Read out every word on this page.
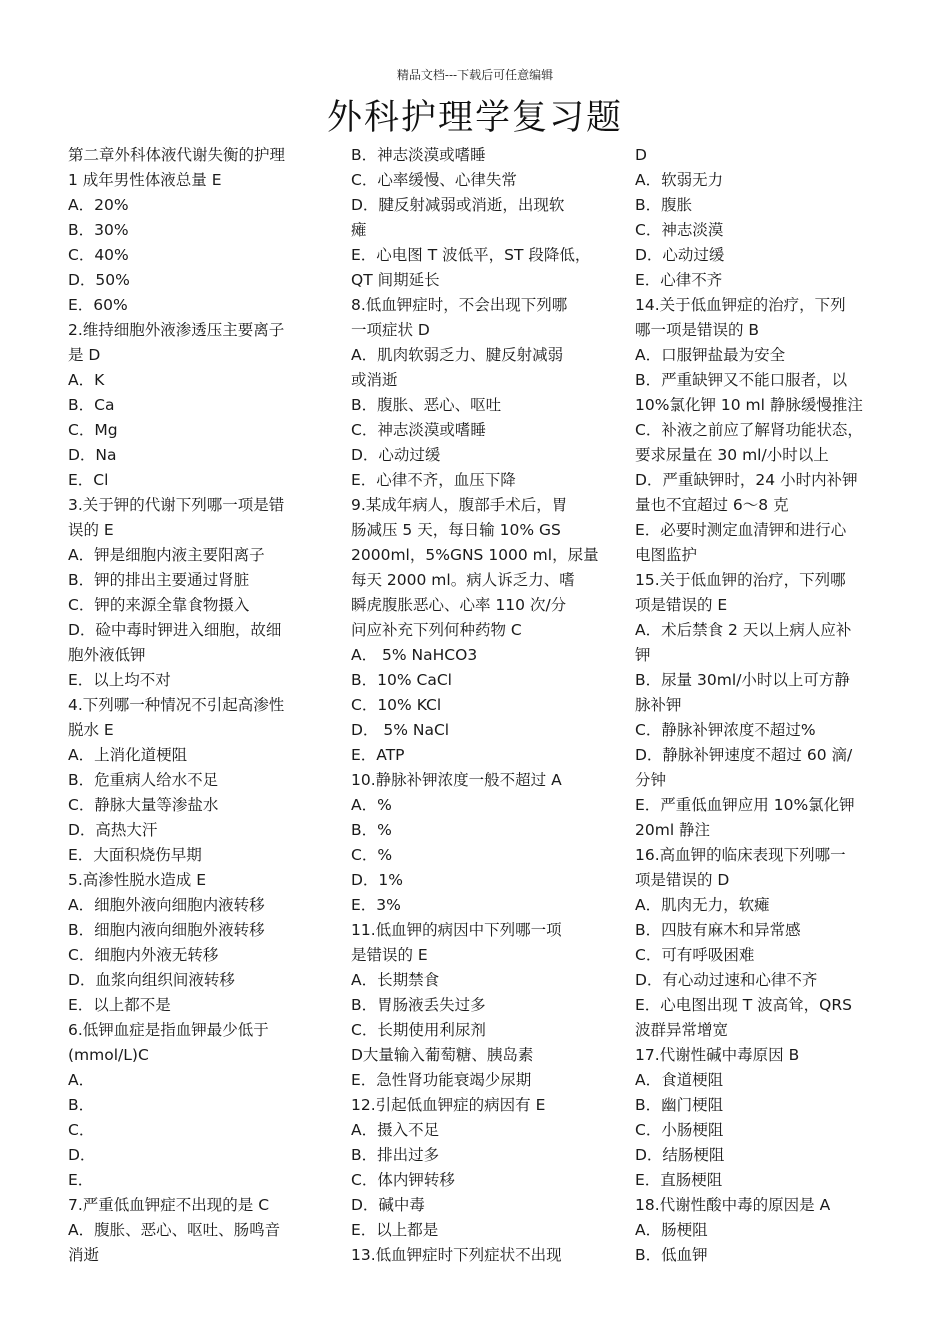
精品文档---下载后可任意编辑
外科护理学复习题
第二章外科体液代谢失衡的护理
1 成年男性体液总量 E
A．20%
B．30%
C．40%
D．50%
E．60%
2.维持细胞外液渗透压主要离子
是 D
A．K
B．Ca
C．Mg
D．Na
E．Cl
3.关于钾的代谢下列哪一项是错
误的 E
A．钾是细胞内液主要阳离子
B．钾的排出主要通过肾脏
C．钾的来源全靠食物摄入
D．硷中毒时钾进入细胞，故细
胞外液低钾
E．以上均不对
4.下列哪一种情况不引起高渗性
脱水 E
A．上消化道梗阻
B．危重病人给水不足
C．静脉大量等渗盐水
D．高热大汗
E．大面积烧伤早期
5.高渗性脱水造成 E
A．细胞外液向细胞内液转移
B．细胞内液向细胞外液转移
C．细胞内外液无转移
D．血浆向组织间液转移
E．以上都不是
6.低钾血症是指血钾最少低于
(mmol/L)C
A．
B．
C．
D．
E．
7.严重低血钾症不出现的是 C
A．腹胀、恶心、呕吐、肠鸣音
消逝
B．神志淡漠或嗜睡
C．心率缓慢、心律失常
D．腱反射减弱或消逝，出现软
瘫
E．心电图 T 波低平，ST 段降低，
QT 间期延长
8.低血钾症时，不会出现下列哪
一项症状 D
A．肌肉软弱乏力、腱反射减弱
或消逝
B．腹胀、恶心、呕吐
C．神志淡漠或嗜睡
D．心动过缓
E．心律不齐，血压下降
9.某成年病人，腹部手术后，胃
肠减压 5 天，每日输 10% GS
2000ml，5%GNS 1000 ml，尿量
每天 2000 ml。病人诉乏力、嗜
瞬虎腹胀恶心、心率 110 次/分
问应补充下列何种药物 C
A． 5% NaHCO3
B．10% CaCl
C．10% KCl
D． 5% NaCl
E．ATP
10.静脉补钾浓度一般不超过 A
A．%
B．%
C．%
D．1%
E．3%
11.低血钾的病因中下列哪一项
是错误的 E
A．长期禁食
B．胃肠液丢失过多
C．长期使用利尿剂
D大量输入葡萄糖、胰岛素
E．急性肾功能衰竭少尿期
12.引起低血钾症的病因有 E
A．摄入不足
B．排出过多
C．体内钾转移
D．碱中毒
E．以上都是
13.低血钾症时下列症状不出现
D
A．软弱无力
B．腹胀
C．神志淡漠
D．心动过缓
E．心律不齐
14.关于低血钾症的治疗，下列
哪一项是错误的 B
A．口服钾盐最为安全
B．严重缺钾又不能口服者，以
10%氯化钾 10 ml 静脉缓慢推注
C．补液之前应了解肾功能状态，
要求尿量在 30 ml/小时以上
D．严重缺钾时，24 小时内补钾
量也不宜超过 6～8 克
E．必要时测定血清钾和进行心
电图监护
15.关于低血钾的治疗，下列哪
项是错误的 E
A．术后禁食 2 天以上病人应补
钾
B．尿量 30ml/小时以上可方静
脉补钾
C．静脉补钾浓度不超过%
D．静脉补钾速度不超过 60 滴/
分钟
E．严重低血钾应用 10%氯化钾
20ml 静注
16.高血钾的临床表现下列哪一
项是错误的 D
A．肌肉无力，软瘫
B．四肢有麻木和异常感
C．可有呼吸困难
D．有心动过速和心律不齐
E．心电图出现 T 波高耸，QRS
波群异常增宽
17.代谢性碱中毒原因 B
A．食道梗阻
B．幽门梗阻
C．小肠梗阻
D．结肠梗阻
E．直肠梗阻
18.代谢性酸中毒的原因是 A
A．肠梗阻
B．低血钾
